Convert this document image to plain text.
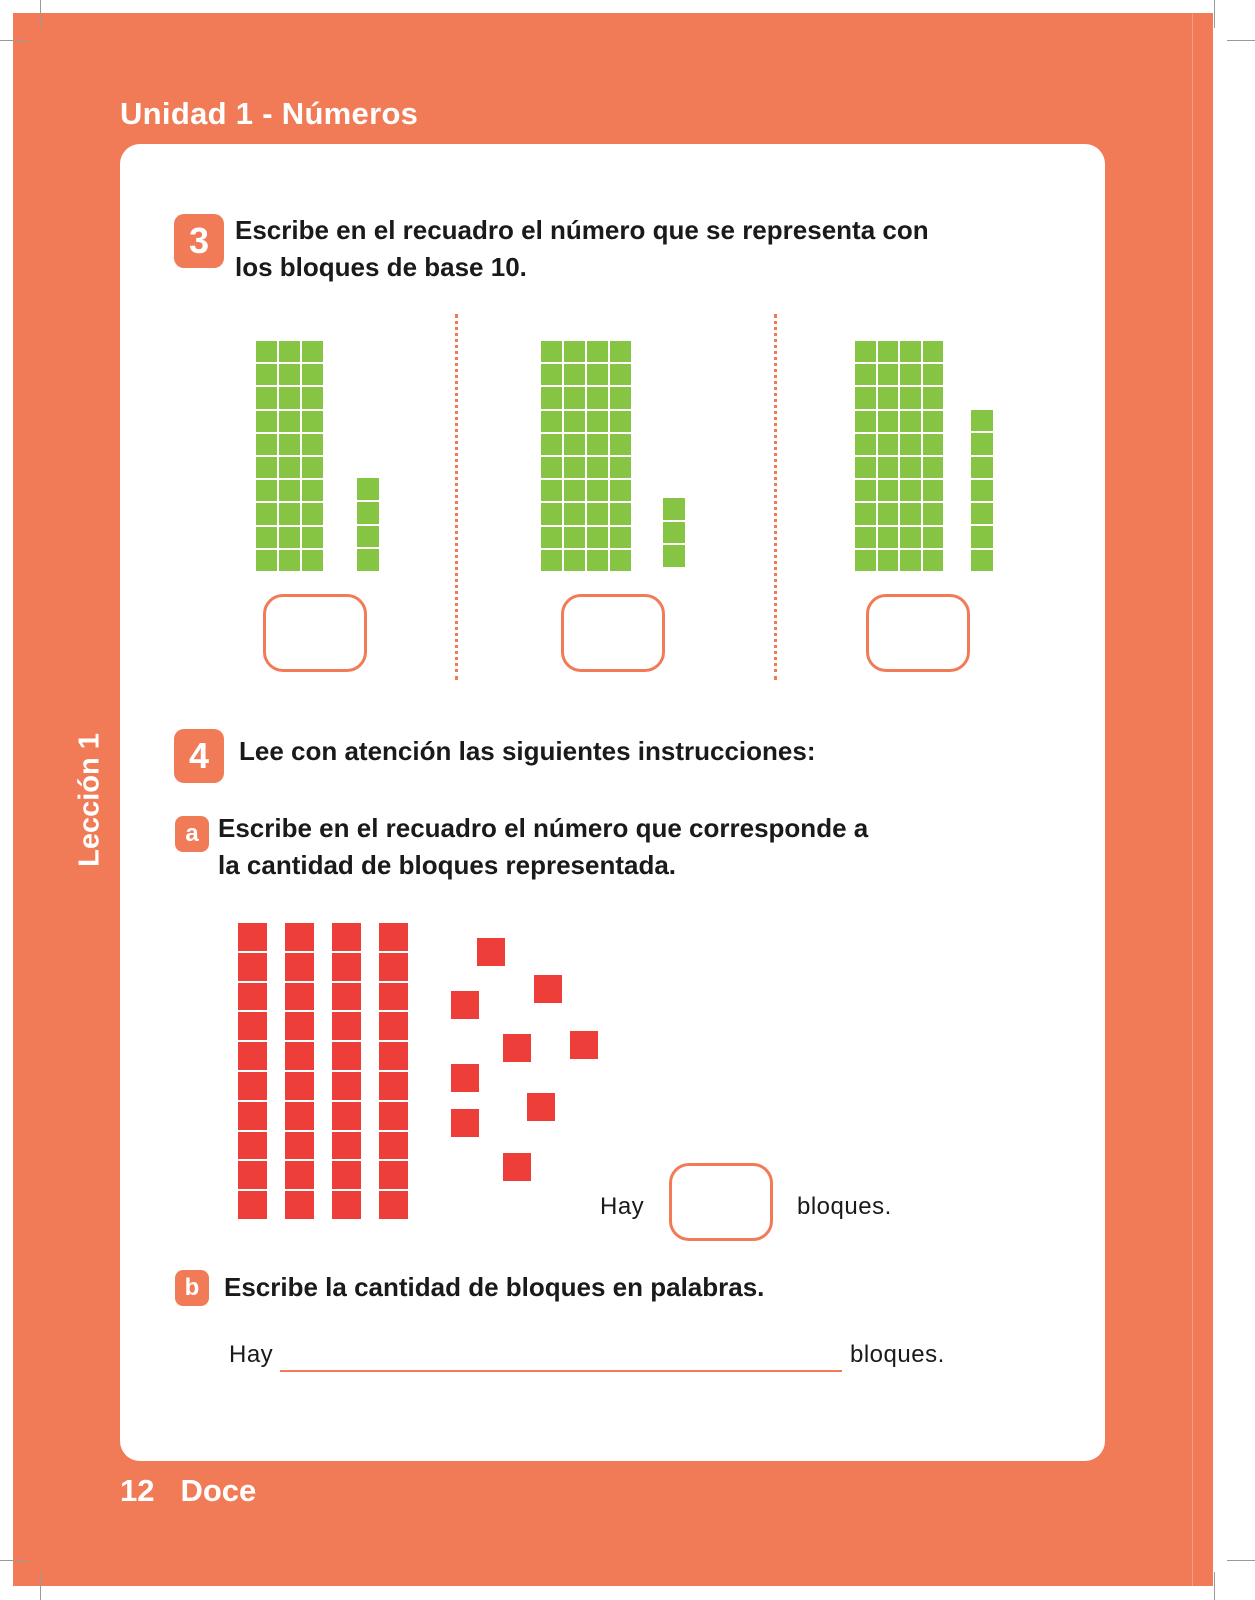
Unidad 1 - Números
Lección 1
12 Doce
3 Escribe en el recuadro el número que se representa con
los bloques de base 10.
4	Lee con atención las siguientes instrucciones:
a Escribe en el recuadro el número que corresponde a
la cantidad de bloques representada.
Hay	bloques.
b Escribe la cantidad de bloques en palabras.
Hay	bloques.
